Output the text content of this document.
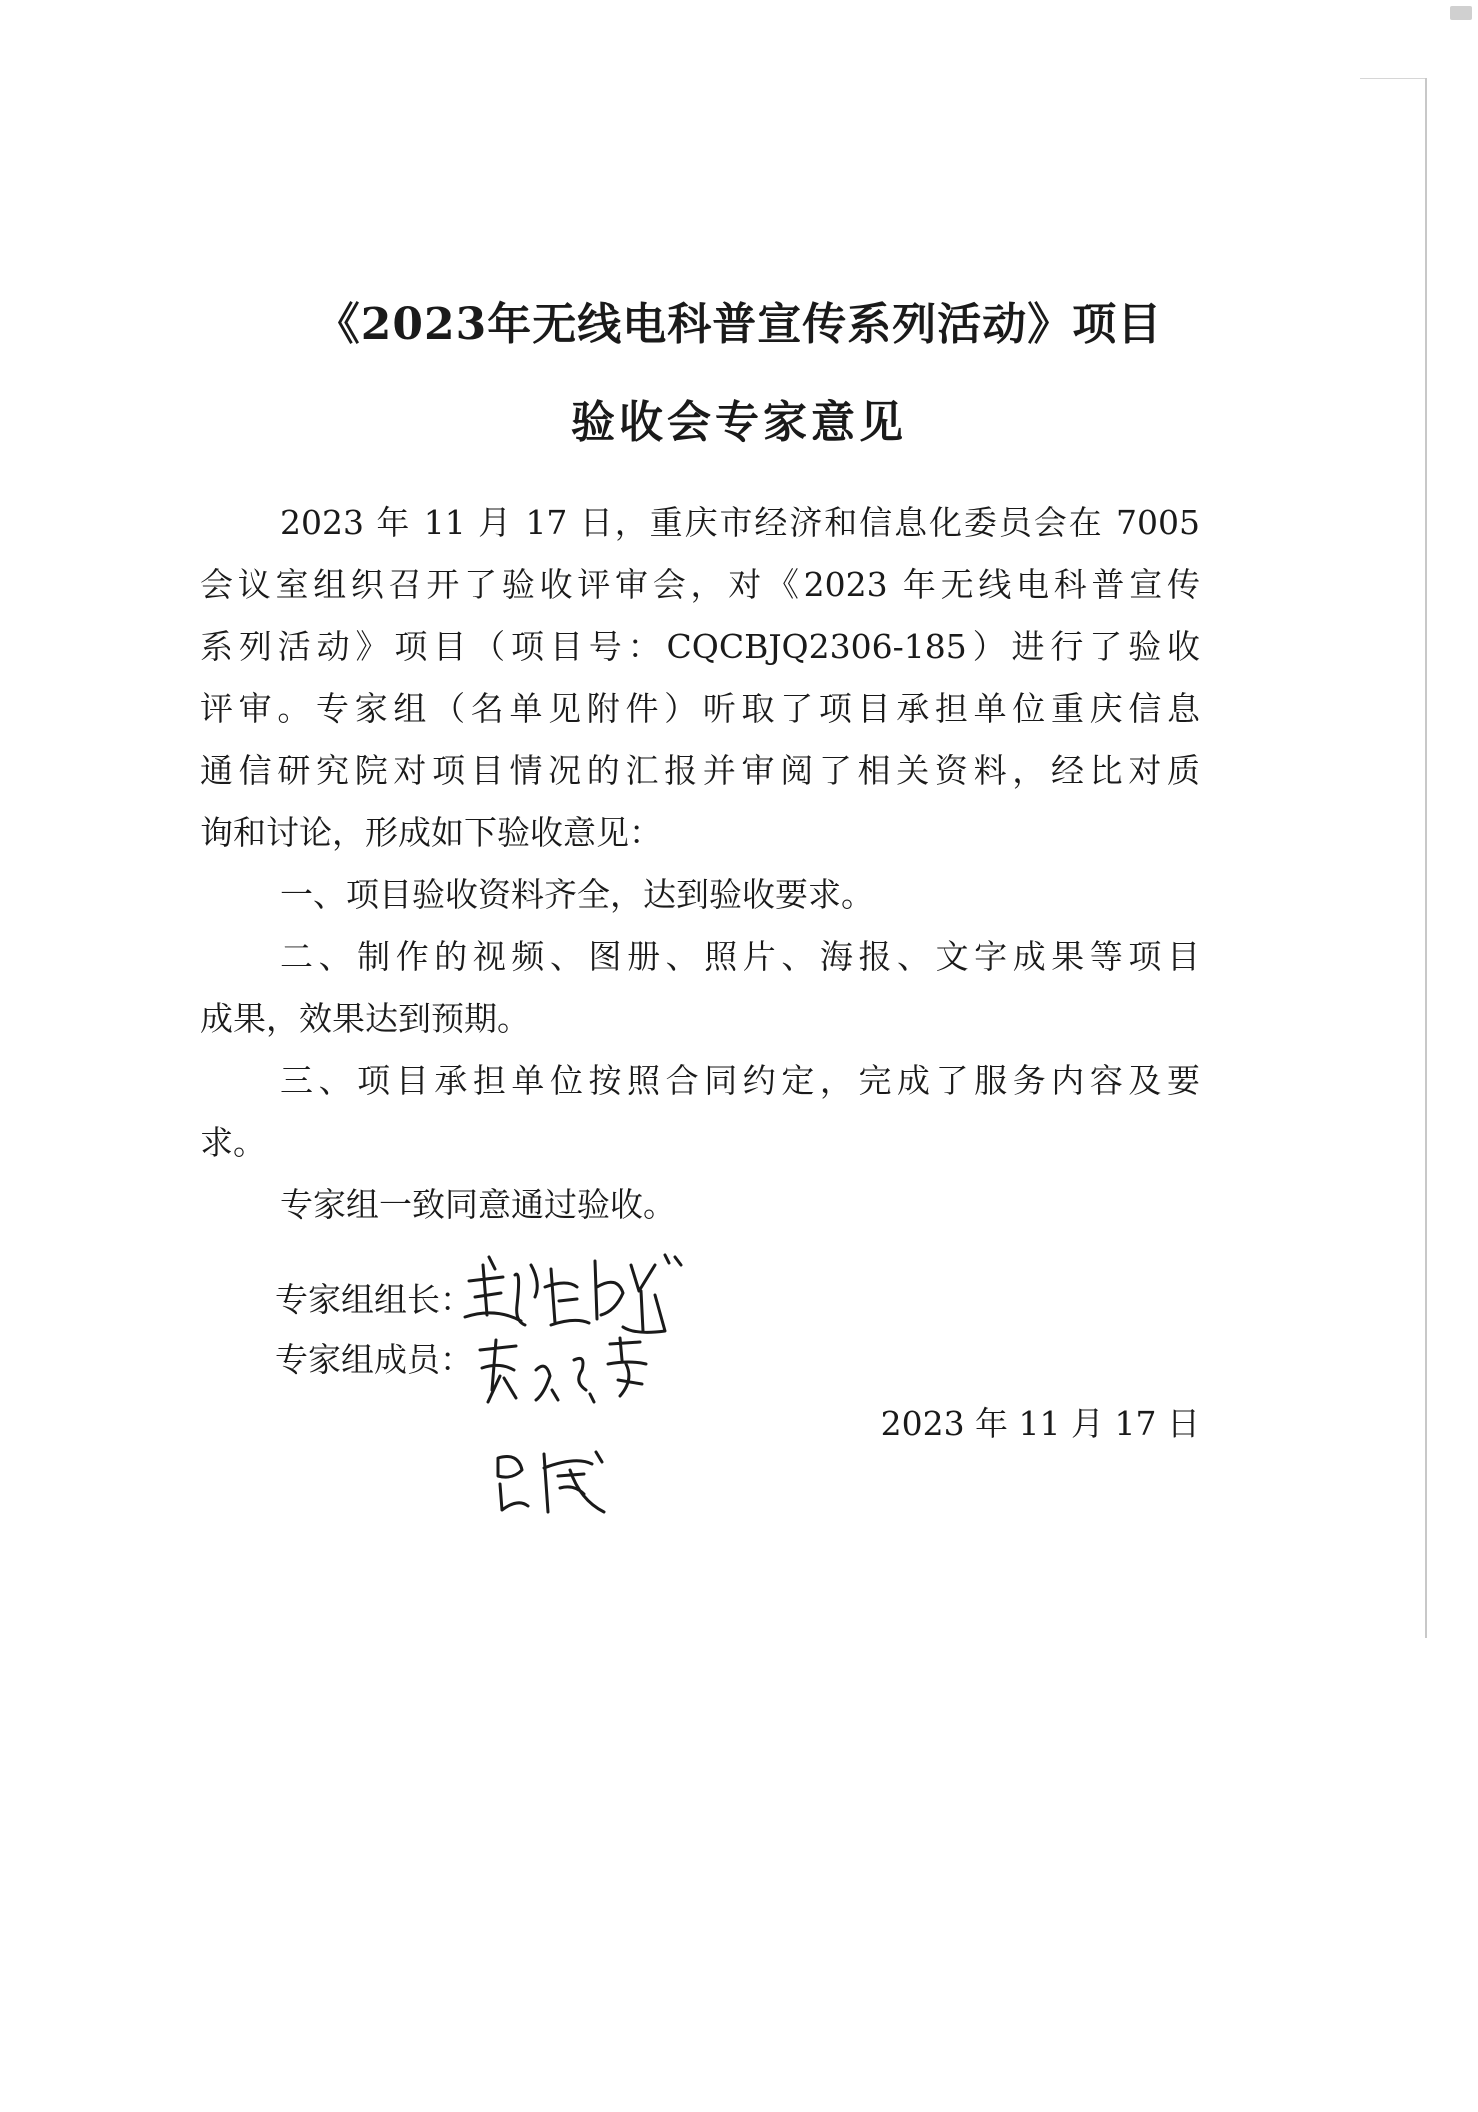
《2023年无线电科普宣传系列活动》项目
验收会专家意见
2023 年 11 月 17 日，重庆市经济和信息化委员会在 7005
会议室组织召开了验收评审会，对《2023 年无线电科普宣传
系列活动》项目（项目号：CQCBJQ2306-185）进行了验收
评审。专家组（名单见附件）听取了项目承担单位重庆信息
通信研究院对项目情况的汇报并审阅了相关资料，经比对质
询和讨论，形成如下验收意见：
一、项目验收资料齐全，达到验收要求。
二、制作的视频、图册、照片、海报、文字成果等项目
成果，效果达到预期。
三、项目承担单位按照合同约定，完成了服务内容及要
求。
专家组一致同意通过验收。
专家组组长：
专家组成员：
2023 年 11 月 17 日
